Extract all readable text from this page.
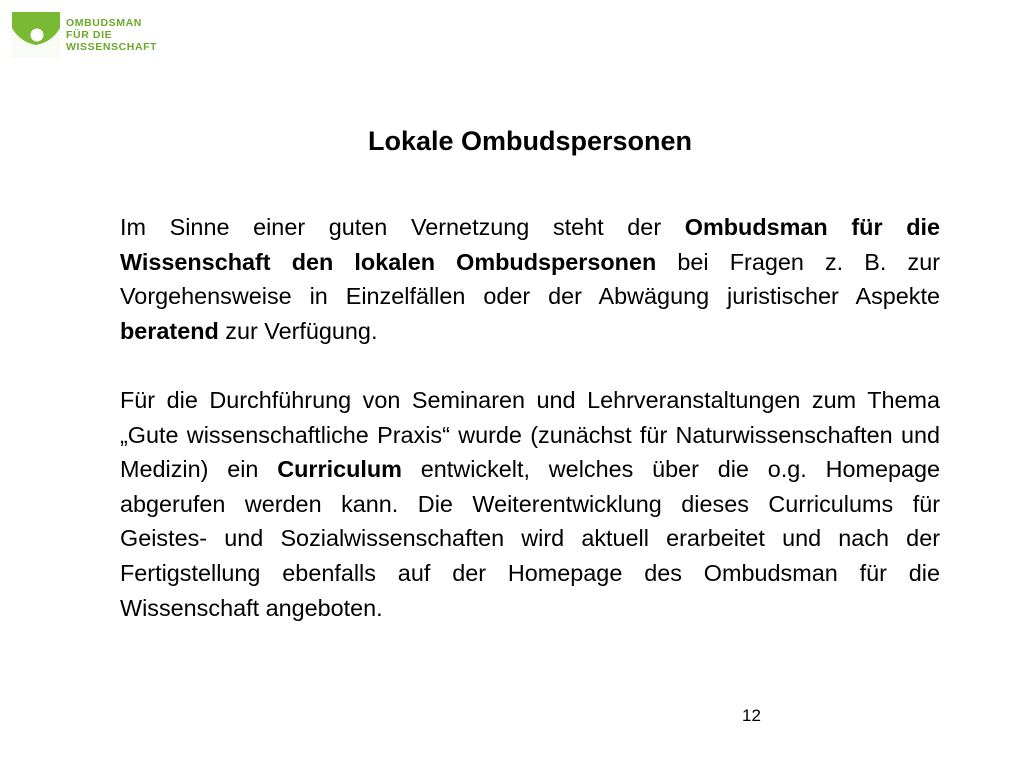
OMBUDSMAN
FÜR DIE
WISSENSCHAFT
Lokale Ombudspersonen

Im Sinne einer guten Vernetzung steht der Ombudsman für die Wissenschaft den lokalen Ombudspersonen bei Fragen z. B. zur Vorgehensweise in Einzelfällen oder der Abwägung juristischer Aspekte beratend zur Verfügung.

Für die Durchführung von Seminaren und Lehrveranstaltungen zum Thema „Gute wissenschaftliche Praxis“ wurde (zunächst für Naturwissenschaften und Medizin) ein Curriculum entwickelt, welches über die o.g. Homepage abgerufen werden kann. Die Weiterentwicklung dieses Curriculums für Geistes- und Sozialwissenschaften wird aktuell erarbeitet und nach der Fertigstellung ebenfalls auf der Homepage des Ombudsman für die Wissenschaft angeboten.

12
